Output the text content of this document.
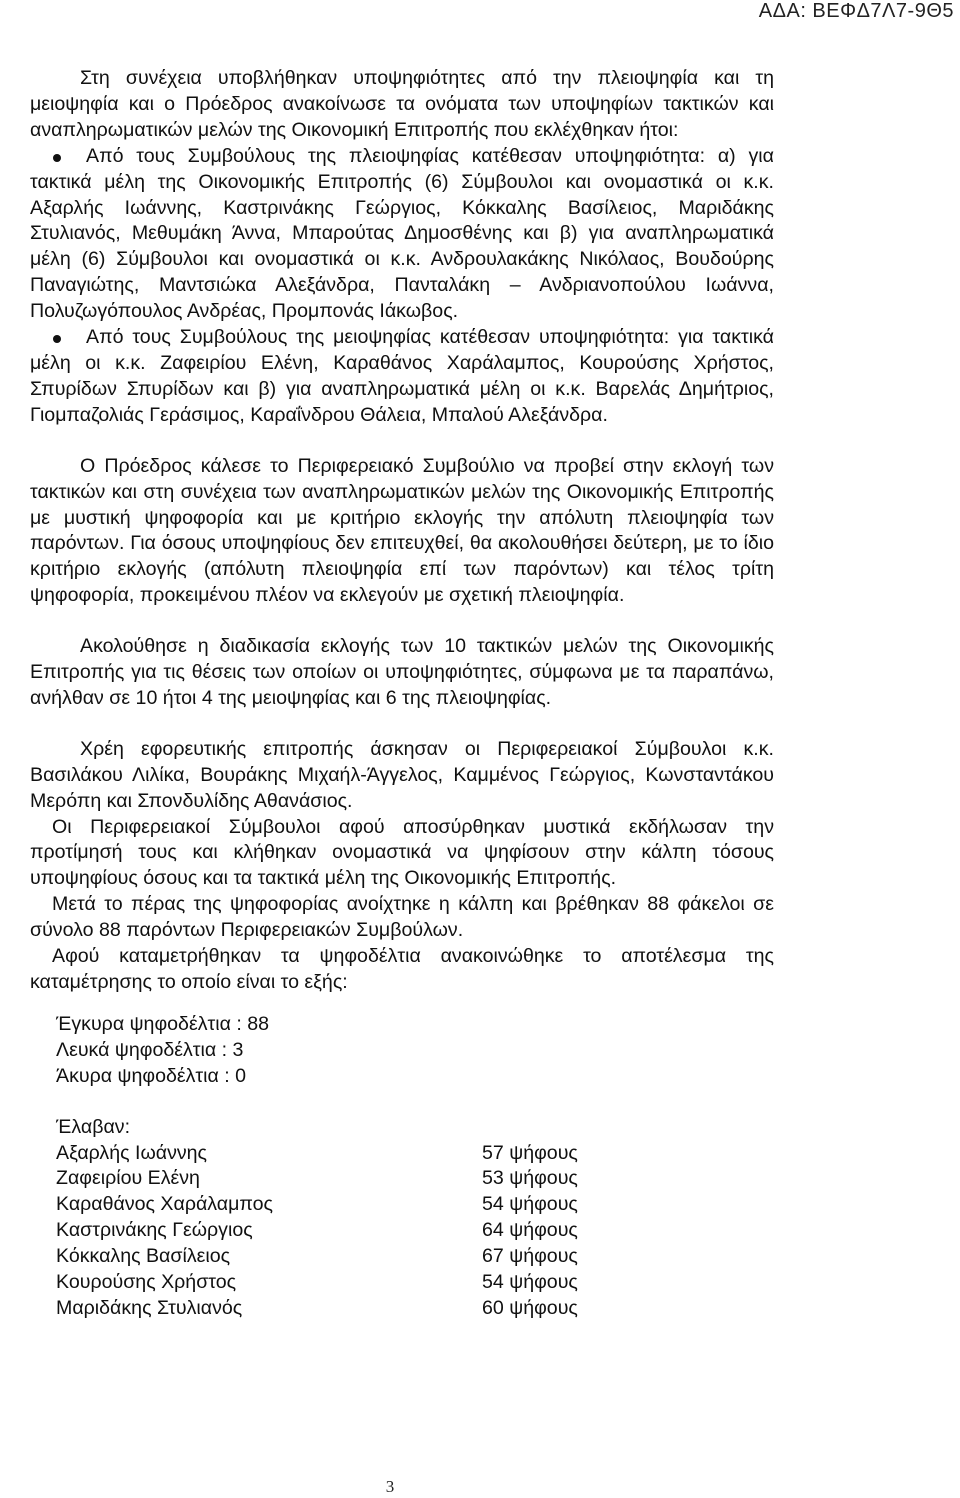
ΑΔΑ: ΒΕΦΔ7Λ7-9Θ5

Στη συνέχεια υποβλήθηκαν υποψηφιότητες από την πλειοψηφία και τη μειοψηφία και ο Πρόεδρος ανακοίνωσε τα ονόματα των υποψηφίων τακτικών και αναπληρωματικών μελών της Οικονομική Επιτροπής που εκλέχθηκαν ήτοι:

Από τους Συμβούλους της πλειοψηφίας κατέθεσαν υποψηφιότητα: α) για τακτικά μέλη της Οικονομικής Επιτροπής (6) Σύμβουλοι και ονομαστικά οι κ.κ. Αξαρλής Ιωάννης, Καστρινάκης Γεώργιος, Κόκκαλης Βασίλειος, Μαριδάκης Στυλιανός, Μεθυμάκη Άννα, Μπαρούτας Δημοσθένης και β) για αναπληρωματικά μέλη (6) Σύμβουλοι και ονομαστικά οι κ.κ. Ανδρουλακάκης Νικόλαος, Βουδούρης Παναγιώτης, Μαντσιώκα Αλεξάνδρα, Πανταλάκη – Ανδριανοπούλου Ιωάννα, Πολυζωγόπουλος Ανδρέας, Προμπονάς Ιάκωβος.

Από τους Συμβούλους της μειοψηφίας κατέθεσαν υποψηφιότητα: για τακτικά μέλη οι κ.κ. Ζαφειρίου Ελένη, Καραθάνος Χαράλαμπος, Κουρούσης Χρήστος, Σπυρίδων Σπυρίδων και β) για αναπληρωματικά μέλη οι κ.κ. Βαρελάς Δημήτριος, Γιομπαζολιάς Γεράσιμος, Καραΐνδρου Θάλεια, Μπαλού Αλεξάνδρα.

Ο Πρόεδρος κάλεσε το Περιφερειακό Συμβούλιο να προβεί στην εκλογή των τακτικών και στη συνέχεια των αναπληρωματικών μελών της Οικονομικής Επιτροπής με μυστική ψηφοφορία και με κριτήριο εκλογής την απόλυτη πλειοψηφία των παρόντων. Για όσους υποψηφίους δεν επιτευχθεί, θα ακολουθήσει δεύτερη, με το ίδιο κριτήριο εκλογής (απόλυτη πλειοψηφία επί των παρόντων) και τέλος τρίτη ψηφοφορία, προκειμένου πλέον να εκλεγούν με σχετική πλειοψηφία.

Ακολούθησε η διαδικασία εκλογής των 10 τακτικών μελών της Οικονομικής Επιτροπής για τις θέσεις των οποίων οι υποψηφιότητες, σύμφωνα με τα παραπάνω, ανήλθαν σε 10 ήτοι 4 της μειοψηφίας και 6 της πλειοψηφίας.

Χρέη εφορευτικής επιτροπής άσκησαν οι Περιφερειακοί Σύμβουλοι κ.κ. Βασιλάκου Λιλίκα, Βουράκης Μιχαήλ-Άγγελος, Καμμένος Γεώργιος, Κωνσταντάκου Μερόπη και Σπονδυλίδης Αθανάσιος.

Οι Περιφερειακοί Σύμβουλοι αφού αποσύρθηκαν μυστικά εκδήλωσαν την προτίμησή τους και κλήθηκαν ονομαστικά να ψηφίσουν στην κάλπη τόσους υποψηφίους όσους και τα τακτικά μέλη της Οικονομικής Επιτροπής.

Μετά το πέρας της ψηφοφορίας ανοίχτηκε η κάλπη και βρέθηκαν 88 φάκελοι σε σύνολο 88 παρόντων Περιφερειακών Συμβούλων.

Αφού καταμετρήθηκαν τα ψηφοδέλτια ανακοινώθηκε το αποτέλεσμα της καταμέτρησης το οποίο είναι το εξής:

Έγκυρα ψηφοδέλτια : 88
Λευκά ψηφοδέλτια : 3
Άκυρα ψηφοδέλτια : 0
Έλαβαν:
Αξαρλής Ιωάννης	57 ψήφους
Ζαφειρίου Ελένη	53 ψήφους
Καραθάνος Χαράλαμπος	54 ψήφους
Καστρινάκης Γεώργιος	64 ψήφους
Κόκκαλης Βασίλειος	67 ψήφους
Κουρούσης Χρήστος	54 ψήφους
Μαριδάκης Στυλιανός	60 ψήφους
3
